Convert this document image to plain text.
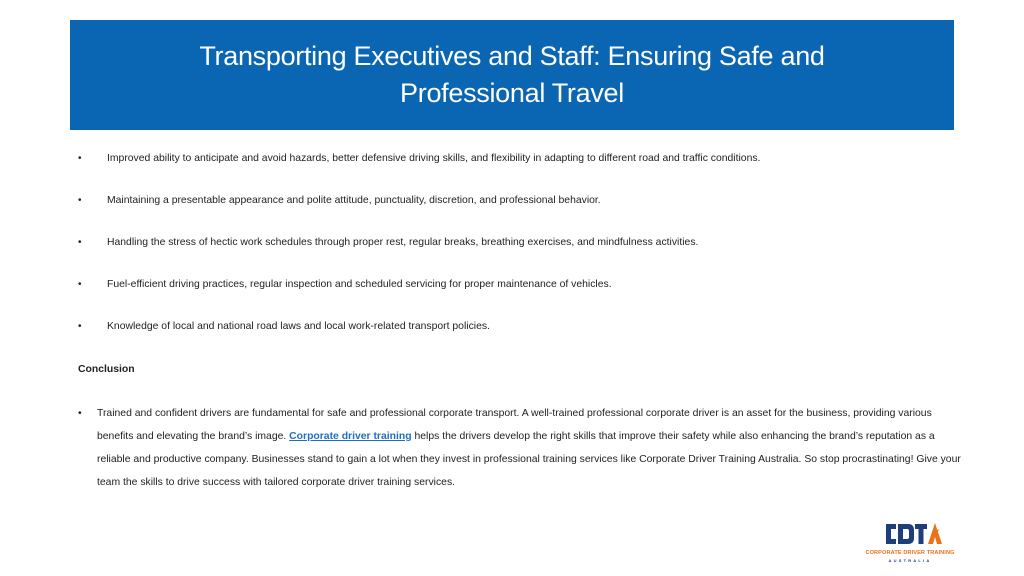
Transporting Executives and Staff: Ensuring Safe and Professional Travel
• Improved ability to anticipate and avoid hazards, better defensive driving skills, and flexibility in adapting to different road and traffic conditions.
• Maintaining a presentable appearance and polite attitude, punctuality, discretion, and professional behavior.
• Handling the stress of hectic work schedules through proper rest, regular breaks, breathing exercises, and mindfulness activities.
• Fuel-efficient driving practices, regular inspection and scheduled servicing for proper maintenance of vehicles.
• Knowledge of local and national road laws and local work-related transport policies.
Conclusion
• Trained and confident drivers are fundamental for safe and professional corporate transport. A well-trained professional corporate driver is an asset for the business, providing various benefits and elevating the brand’s image. Corporate driver training helps the drivers develop the right skills that improve their safety while also enhancing the brand’s reputation as a reliable and productive company. Businesses stand to gain a lot when they invest in professional training services like Corporate Driver Training Australia. So stop procrastinating! Give your team the skills to drive success with tailored corporate driver training services.
CORPORATE DRIVER TRAINING
AUSTRALIA
